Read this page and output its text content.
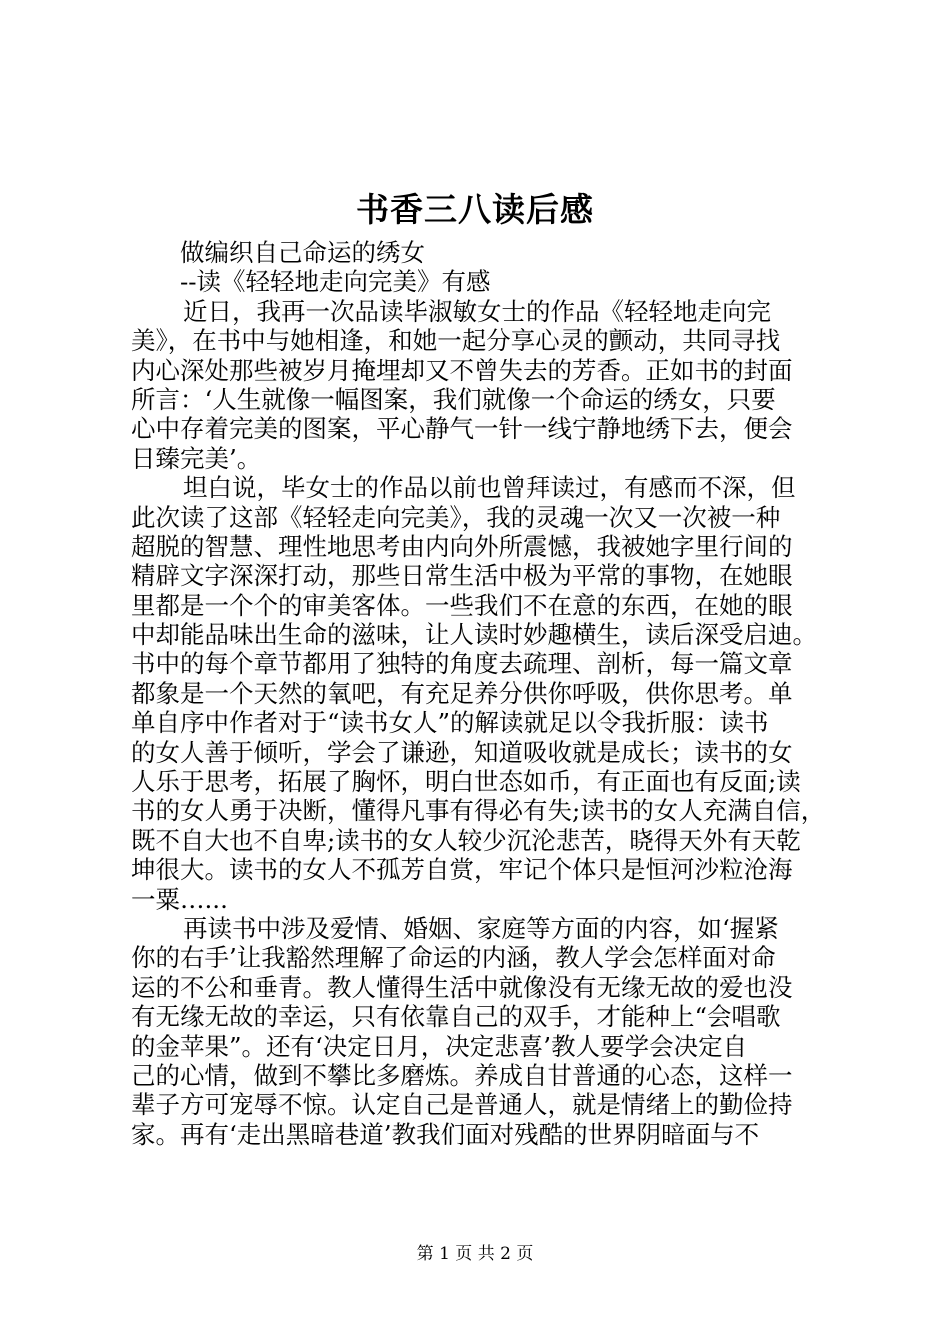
书香三八读后感
做编织自己命运的绣女
--读《轻轻地走向完美》有感
近日，我再一次品读毕淑敏女士的作品《轻轻地走向完
美》，在书中与她相逢，和她一起分享心灵的颤动，共同寻找
内心深处那些被岁月掩埋却又不曾失去的芳香。正如书的封面
所言：‘人生就像一幅图案，我们就像一个命运的绣女，只要
心中存着完美的图案，平心静气一针一线宁静地绣下去，便会
日臻完美’。
坦白说，毕女士的作品以前也曾拜读过，有感而不深，但
此次读了这部《轻轻走向完美》，我的灵魂一次又一次被一种
超脱的智慧、理性地思考由内向外所震憾，我被她字里行间的
精辟文字深深打动，那些日常生活中极为平常的事物，在她眼
里都是一个个的审美客体。一些我们不在意的东西，在她的眼
中却能品味出生命的滋味，让人读时妙趣横生，读后深受启迪。
书中的每个章节都用了独特的角度去疏理、剖析，每一篇文章
都象是一个天然的氧吧，有充足养分供你呼吸，供你思考。单
单自序中作者对于“读书女人”的解读就足以令我折服：读书
的女人善于倾听，学会了谦逊，知道吸收就是成长；读书的女
人乐于思考，拓展了胸怀，明白世态如币，有正面也有反面;读
书的女人勇于决断，懂得凡事有得必有失;读书的女人充满自信，
既不自大也不自卑;读书的女人较少沉沦悲苦，晓得天外有天乾
坤很大。读书的女人不孤芳自赏，牢记个体只是恒河沙粒沧海
一粟…...
再读书中涉及爱情、婚姻、家庭等方面的内容，如‘握紧
你的右手’让我豁然理解了命运的内涵，教人学会怎样面对命
运的不公和垂青。教人懂得生活中就像没有无缘无故的爱也没
有无缘无故的幸运，只有依靠自己的双手，才能种上“会唱歌
的金苹果”。还有‘决定日月，决定悲喜’教人要学会决定自
己的心情，做到不攀比多磨炼。养成自甘普通的心态，这样一
辈子方可宠辱不惊。认定自己是普通人，就是情绪上的勤俭持
家。再有‘走出黑暗巷道’教我们面对残酷的世界阴暗面与不
第 1 页 共 2 页
